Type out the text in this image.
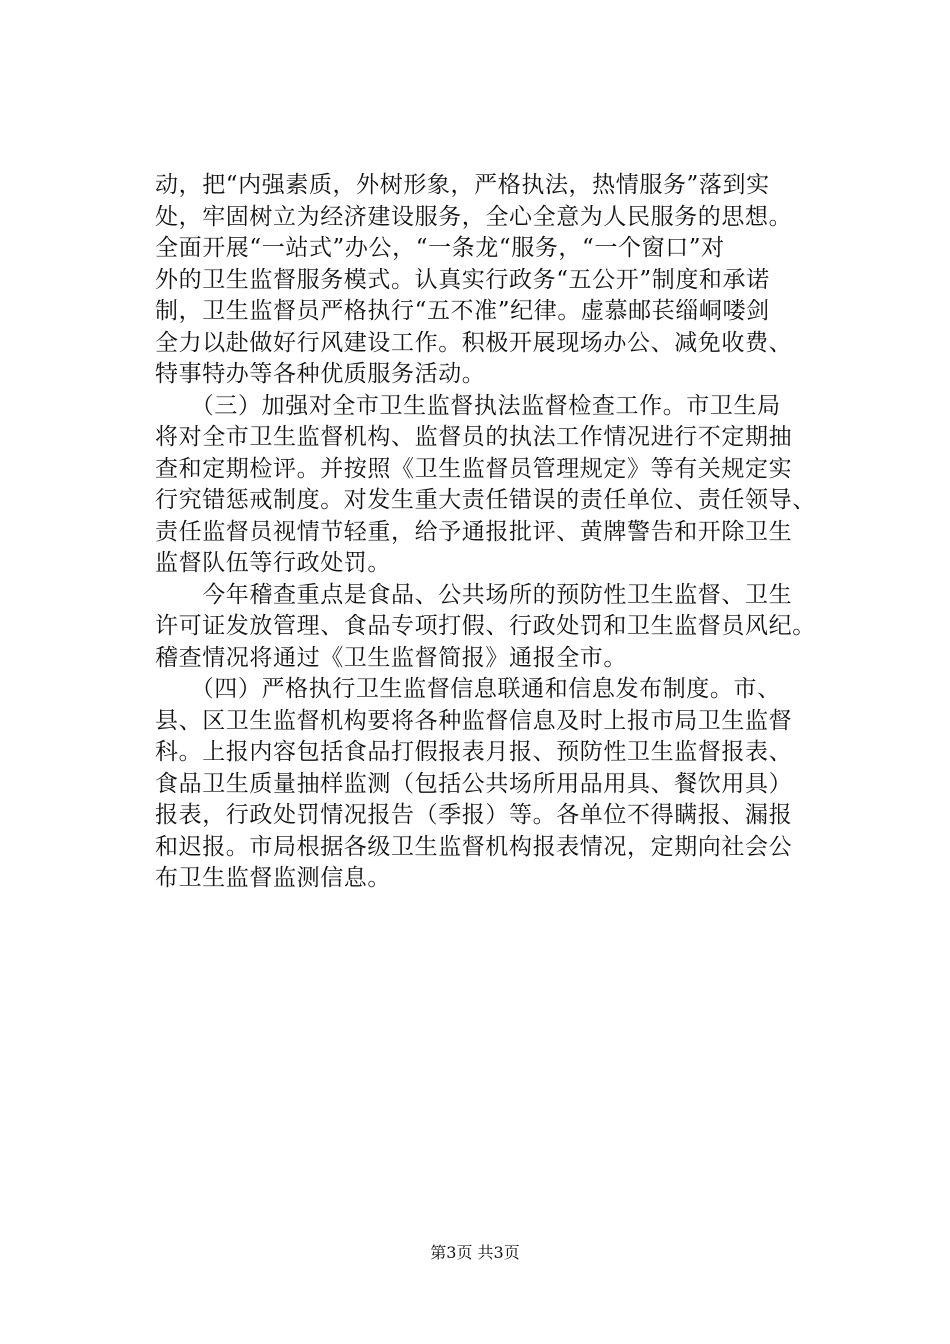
动，把“内强素质，外树形象，严格执法，热情服务”落到实
处，牢固树立为经济建设服务，全心全意为人民服务的思想。
全面开展“一站式”办公，“一条龙“服务，“一个窗口”对
外的卫生监督服务模式。认真实行政务“五公开”制度和承诺
制，卫生监督员严格执行“五不准”纪律。虚慕邮苌缁峒喽剑
全力以赴做好行风建设工作。积极开展现场办公、减免收费、
特事特办等各种优质服务活动。
　　（三）加强对全市卫生监督执法监督检查工作。市卫生局
将对全市卫生监督机构、监督员的执法工作情况进行不定期抽
查和定期检评。并按照《卫生监督员管理规定》等有关规定实
行究错惩戒制度。对发生重大责任错误的责任单位、责任领导、
责任监督员视情节轻重，给予通报批评、黄牌警告和开除卫生
监督队伍等行政处罚。
　　今年稽查重点是食品、公共场所的预防性卫生监督、卫生
许可证发放管理、食品专项打假、行政处罚和卫生监督员风纪。
稽查情况将通过《卫生监督简报》通报全市。
　　（四）严格执行卫生监督信息联通和信息发布制度。市、
县、区卫生监督机构要将各种监督信息及时上报市局卫生监督
科。上报内容包括食品打假报表月报、预防性卫生监督报表、
食品卫生质量抽样监测（包括公共场所用品用具、餐饮用具）
报表，行政处罚情况报告（季报）等。各单位不得瞒报、漏报
和迟报。市局根据各级卫生监督机构报表情况，定期向社会公
布卫生监督监测信息。
第3页 共3页
